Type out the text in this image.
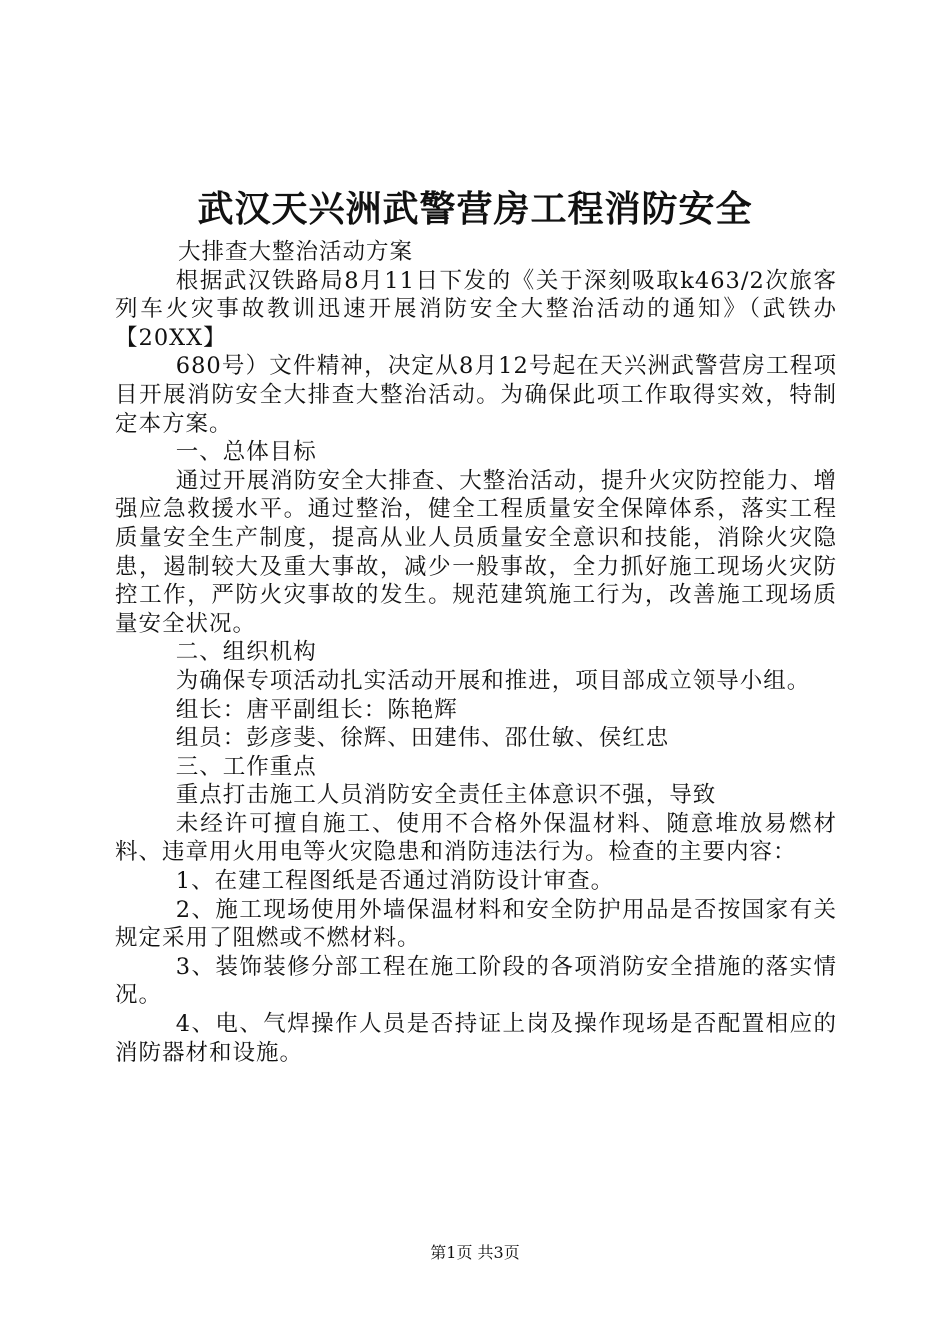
武汉天兴洲武警营房工程消防安全

大排查大整治活动方案

根据武汉铁路局8月11日下发的《关于深刻吸取k463/2次旅客列车火灾事故教训迅速开展消防安全大整治活动的通知》（武铁办【20XX】

680号）文件精神，决定从8月12号起在天兴洲武警营房工程项目开展消防安全大排查大整治活动。为确保此项工作取得实效，特制定本方案。

一、总体目标

通过开展消防安全大排查、大整治活动，提升火灾防控能力、增强应急救援水平。通过整治，健全工程质量安全保障体系，落实工程质量安全生产制度，提高从业人员质量安全意识和技能，消除火灾隐患，遏制较大及重大事故，减少一般事故，全力抓好施工现场火灾防控工作，严防火灾事故的发生。规范建筑施工行为，改善施工现场质量安全状况。

二、组织机构

为确保专项活动扎实活动开展和推进，项目部成立领导小组。

组长：唐平副组长：陈艳辉

组员：彭彦斐、徐辉、田建伟、邵仕敏、侯红忠

三、工作重点

重点打击施工人员消防安全责任主体意识不强，导致

未经许可擅自施工、使用不合格外保温材料、随意堆放易燃材料、违章用火用电等火灾隐患和消防违法行为。检查的主要内容：

1、在建工程图纸是否通过消防设计审查。

2、施工现场使用外墙保温材料和安全防护用品是否按国家有关规定采用了阻燃或不燃材料。

3、装饰装修分部工程在施工阶段的各项消防安全措施的落实情况。

4、电、气焊操作人员是否持证上岗及操作现场是否配置相应的消防器材和设施。

第1页 共3页
